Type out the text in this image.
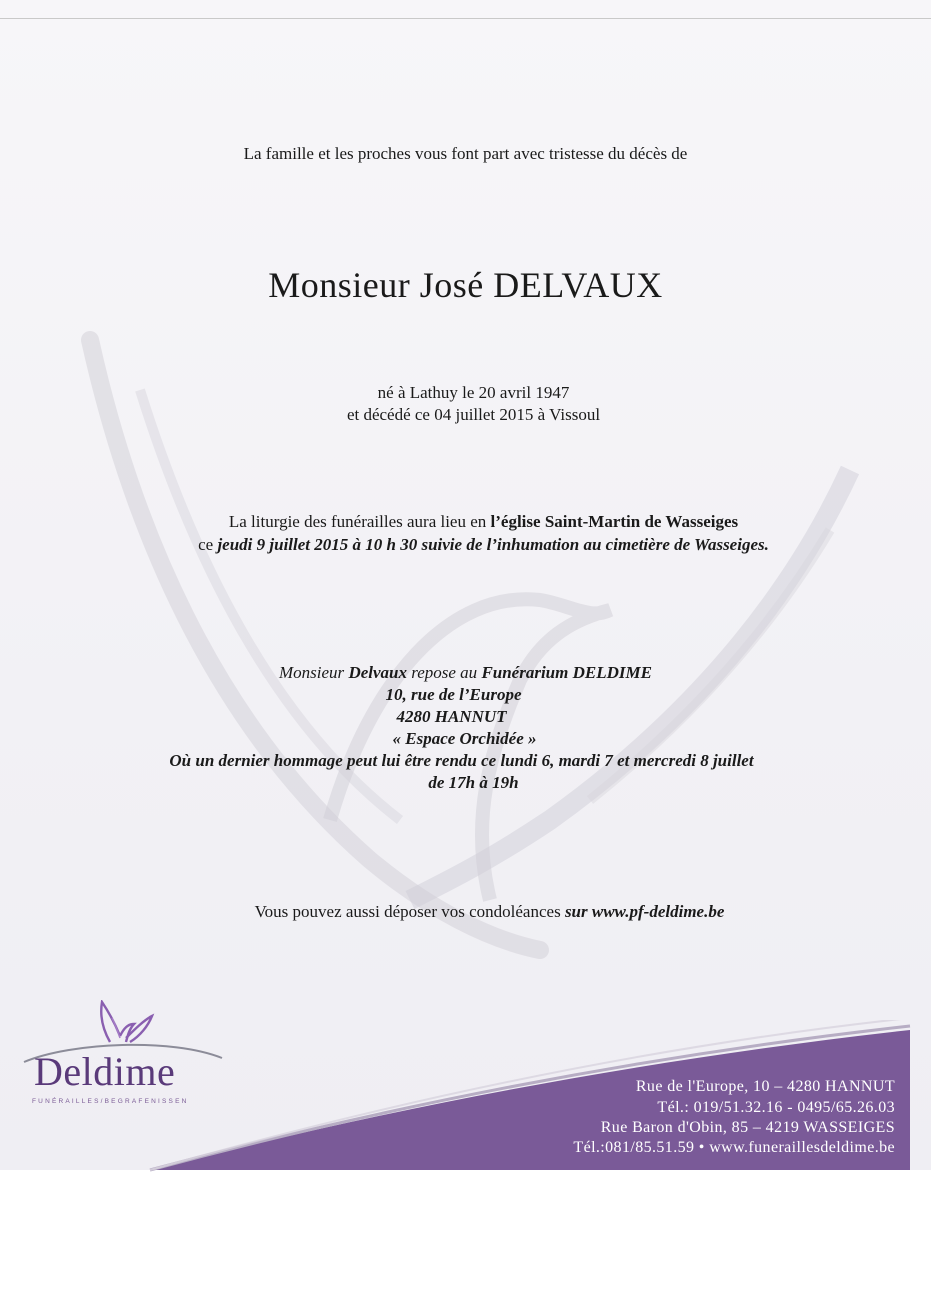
La famille et les proches vous font part avec tristesse du décès de
Monsieur José DELVAUX
né à Lathuy le 20 avril 1947
et décédé ce 04 juillet 2015 à Vissoul
La liturgie des funérailles aura lieu en l’église Saint-Martin de Wasseiges
ce jeudi 9 juillet 2015 à 10 h 30 suivie de l’inhumation au cimetière de Wasseiges.
Monsieur Delvaux repose au Funérarium DELDIME
10, rue de l’Europe
4280 HANNUT
« Espace Orchidée »
Où un dernier hommage peut lui être rendu ce lundi 6, mardi 7 et mercredi 8 juillet
de 17h à 19h
Vous pouvez aussi déposer vos condoléances sur www.pf-deldime.be
Deldime
FUNÉRAILLES/BEGRAFENISSEN
Rue de l'Europe, 10 – 4280 HANNUT
Tél.: 019/51.32.16 - 0495/65.26.03
Rue Baron d'Obin, 85 – 4219 WASSEIGES
Tél.:081/85.51.59 • www.funeraillesdeldime.be
